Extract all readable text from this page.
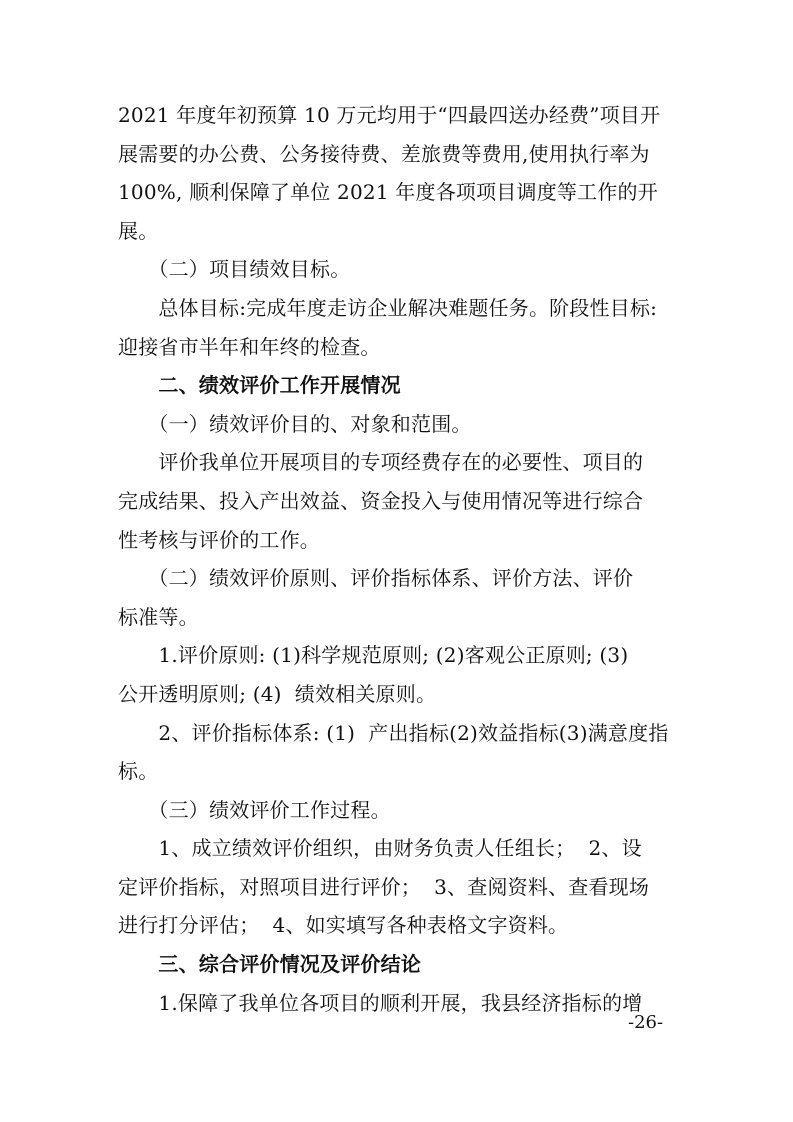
2021 年度年初预算 10 万元均用于“四最四送办经费”项目开
展需要的办公费、公务接待费、差旅费等费用,使用执行率为
100%, 顺利保障了单位 2021 年度各项项目调度等工作的开
展。
　　（二）项目绩效目标。
　　总体目标:完成年度走访企业解决难题任务。阶段性目标:
迎接省市半年和年终的检查。
　　二、绩效评价工作开展情况
　　（一）绩效评价目的、对象和范围。
　　评价我单位开展项目的专项经费存在的必要性、项目的
完成结果、投入产出效益、资金投入与使用情况等进行综合
性考核与评价的工作。
　　（二）绩效评价原则、评价指标体系、评价方法、评价
标准等。
　　1.评价原则: (1)科学规范原则; (2)客观公正原则; (3)
公开透明原则; (4)  绩效相关原则。
　　2、评价指标体系: (1)  产出指标(2)效益指标(3)满意度指
标。
　　（三）绩效评价工作过程。
　　1、成立绩效评价组织，由财务负责人任组长；  2、设
定评价指标，对照项目进行评价；  3、查阅资料、查看现场
进行打分评估；  4、如实填写各种表格文字资料。
　　三、综合评价情况及评价结论
　　1.保障了我单位各项目的顺利开展，我县经济指标的增
-26-
